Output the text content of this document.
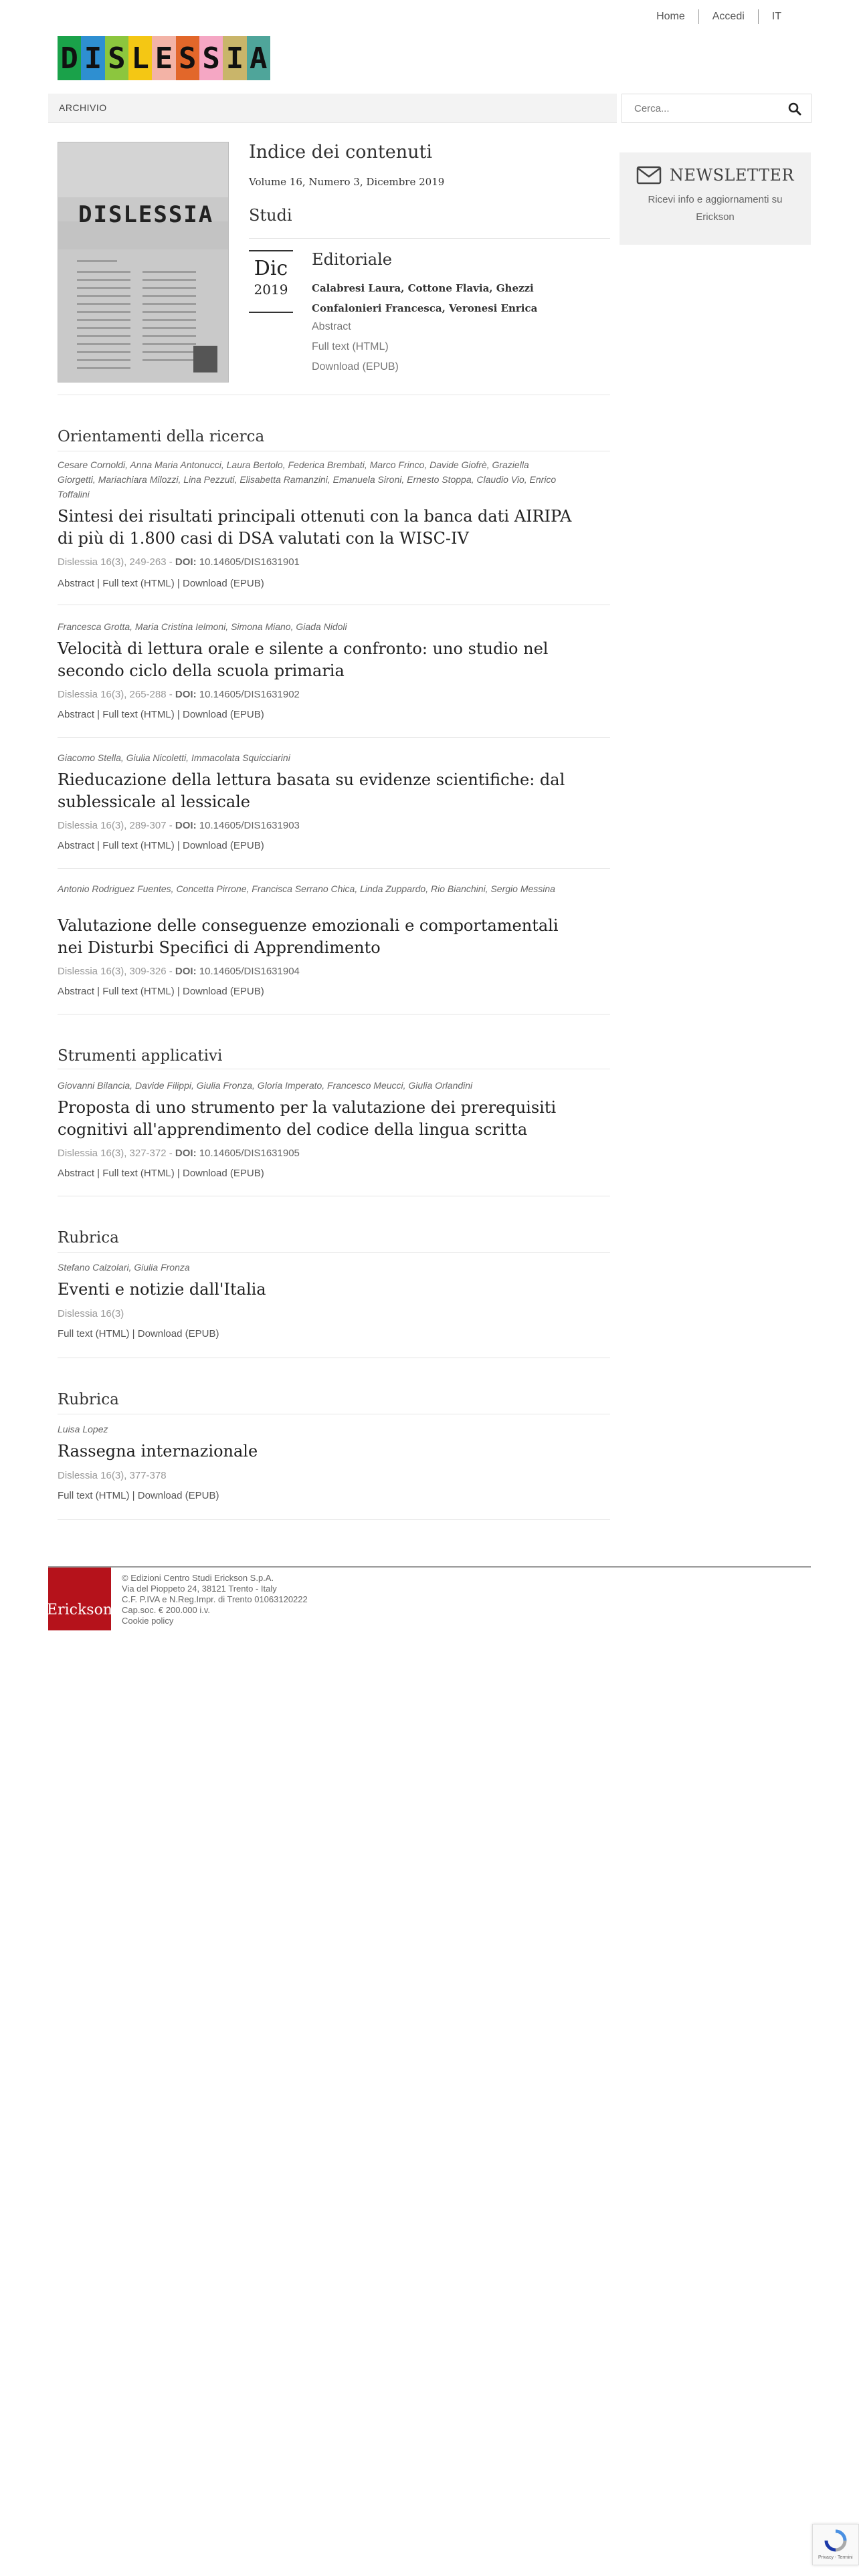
Home	Accedi	IT
D I S L E S S I A
ARCHIVIO
Cerca...
DISLESSIA
Indice dei contenuti
Volume 16, Numero 3, Dicembre 2019
Studi
Dic
2019
Editoriale
Calabresi Laura, Cottone Flavia, Ghezzi Confalonieri Francesca, Veronesi Enrica
Abstract
Full text (HTML)
Download (EPUB)
NEWSLETTER
Ricevi info e aggiornamenti su Erickson
Orientamenti della ricerca
Cesare Cornoldi, Anna Maria Antonucci, Laura Bertolo, Federica Brembati, Marco Frinco, Davide Giofrè, Graziella Giorgetti, Mariachiara Milozzi, Lina Pezzuti, Elisabetta Ramanzini, Emanuela Sironi, Ernesto Stoppa, Claudio Vio, Enrico Toffalini
Sintesi dei risultati principali ottenuti con la banca dati AIRIPA di più di 1.800 casi di DSA valutati con la WISC-IV
Dislessia 16(3), 249-263 - DOI: 10.14605/DIS1631901
Abstract | Full text (HTML) | Download (EPUB)
Francesca Grotta, Maria Cristina Ielmoni, Simona Miano, Giada Nidoli
Velocità di lettura orale e silente a confronto: uno studio nel secondo ciclo della scuola primaria
Dislessia 16(3), 265-288 - DOI: 10.14605/DIS1631902
Abstract | Full text (HTML) | Download (EPUB)
Giacomo Stella, Giulia Nicoletti, Immacolata Squicciarini
Rieducazione della lettura basata su evidenze scientifiche: dal sublessicale al lessicale
Dislessia 16(3), 289-307 - DOI: 10.14605/DIS1631903
Abstract | Full text (HTML) | Download (EPUB)
Antonio Rodriguez Fuentes, Concetta Pirrone, Francisca Serrano Chica, Linda Zuppardo, Rio Bianchini, Sergio Messina
Valutazione delle conseguenze emozionali e comportamentali nei Disturbi Specifici di Apprendimento
Dislessia 16(3), 309-326 - DOI: 10.14605/DIS1631904
Abstract | Full text (HTML) | Download (EPUB)
Strumenti applicativi
Giovanni Bilancia, Davide Filippi, Giulia Fronza, Gloria Imperato, Francesco Meucci, Giulia Orlandini
Proposta di uno strumento per la valutazione dei prerequisiti cognitivi all'apprendimento del codice della lingua scritta
Dislessia 16(3), 327-372 - DOI: 10.14605/DIS1631905
Abstract | Full text (HTML) | Download (EPUB)
Rubrica
Stefano Calzolari, Giulia Fronza
Eventi e notizie dall'Italia
Dislessia 16(3)
Full text (HTML) | Download (EPUB)
Rubrica
Luisa Lopez
Rassegna internazionale
Dislessia 16(3), 377-378
Full text (HTML) | Download (EPUB)
Erickson
© Edizioni Centro Studi Erickson S.p.A.
Via del Pioppeto 24, 38121 Trento - Italy
C.F. P.IVA e N.Reg.Impr. di Trento 01063120222
Cap.soc. € 200.000 i.v.
Cookie policy
Privacy - Termini
